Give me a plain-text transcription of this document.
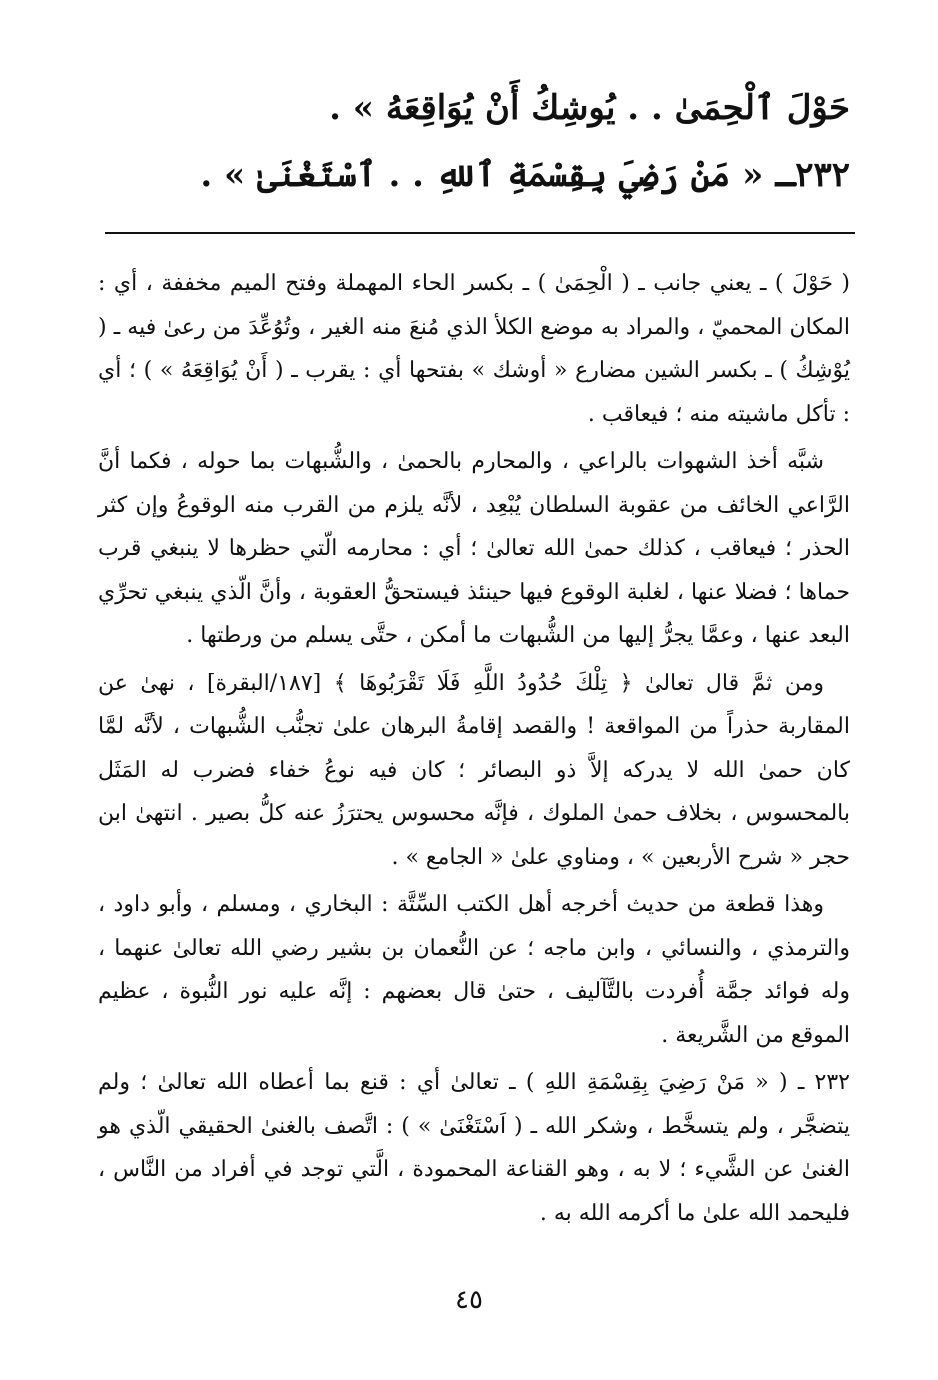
حَوْلَ ٱلْحِمَىٰ . . يُوشِكُ أَنْ يُوَاقِعَهُ » .
٢٣٢ـ « مَنْ رَضِيَ بِقِسْمَةِ ٱللهِ . . ٱسْتَغْنَىٰ » .

( حَوْلَ ) ـ يعني جانب ـ ( الْحِمَىٰ ) ـ بكسر الحاء المهملة وفتح الميم مخففة ، أي : المكان المحميّ ، والمراد به موضع الكلأ الذي مُنعَ منه الغير ، وتُوُعِّدَ من رعىٰ فيه ـ ( يُوْشِكُ ) ـ بكسر الشين مضارع « أوشك » بفتحها أي : يقرب ـ ( أَنْ يُوَاقِعَهُ » ) ؛ أي : تأكل ماشيته منه ؛ فيعاقب .

شبَّه أخذ الشهوات بالراعي ، والمحارم بالحمىٰ ، والشُّبهات بما حوله ، فكما أنَّ الرَّاعي الخائف من عقوبة السلطان يُبْعِد ، لأنَّه يلزم من القرب منه الوقوعُ وإن كثر الحذر ؛ فيعاقب ، كذلك حمىٰ الله تعالىٰ ؛ أي : محارمه الّتي حظرها لا ينبغي قرب حماها ؛ فضلا عنها ، لغلبة الوقوع فيها حينئذ فيستحقُّ العقوبة ، وأنَّ الّذي ينبغي تحرِّي البعد عنها ، وعمَّا يجرُّ إليها من الشُّبهات ما أمكن ، حتَّى يسلم من ورطتها .

ومن ثمَّ قال تعالىٰ ﴿ تِلْكَ حُدُودُ اللَّهِ فَلَا تَقْرَبُوهَا ﴾ [١٨٧/البقرة] ، نهىٰ عن المقاربة حذراً من المواقعة ! والقصد إقامةُ البرهان علىٰ تجنُّب الشُّبهات ، لأنَّه لمَّا كان حمىٰ الله لا يدركه إلاَّ ذو البصائر ؛ كان فيه نوعُ خفاء فضرب له المَثَل بالمحسوس ، بخلاف حمىٰ الملوك ، فإنَّه محسوس يحترَزُ عنه كلُّ بصير . انتهىٰ ابن حجر « شرح الأربعين » ، ومناوي علىٰ « الجامع » .

وهذا قطعة من حديث أخرجه أهل الكتب السِّتَّة : البخاري ، ومسلم ، وأبو داود ، والترمذي ، والنسائي ، وابن ماجه ؛ عن النُّعمان بن بشير رضي الله تعالىٰ عنهما ، وله فوائد جمَّة أُفردت بالتَّآليف ، حتىٰ قال بعضهم : إنَّه عليه نور النُّبوة ، عظيم الموقع من الشَّريعة .

٢٣٢ ـ ( « مَنْ رَضِيَ بِقِسْمَةِ اللهِ ) ـ تعالىٰ أي : قنع بما أعطاه الله تعالىٰ ؛ ولم يتضجَّر ، ولم يتسخَّط ، وشكر الله ـ ( اَسْتَغْنَىٰ » ) : اتَّصف بالغنىٰ الحقيقي الّذي هو الغنىٰ عن الشَّيء ؛ لا به ، وهو القناعة المحمودة ، الَّتي توجد في أفراد من النَّاس ، فليحمد الله علىٰ ما أكرمه الله به .

٤٥
